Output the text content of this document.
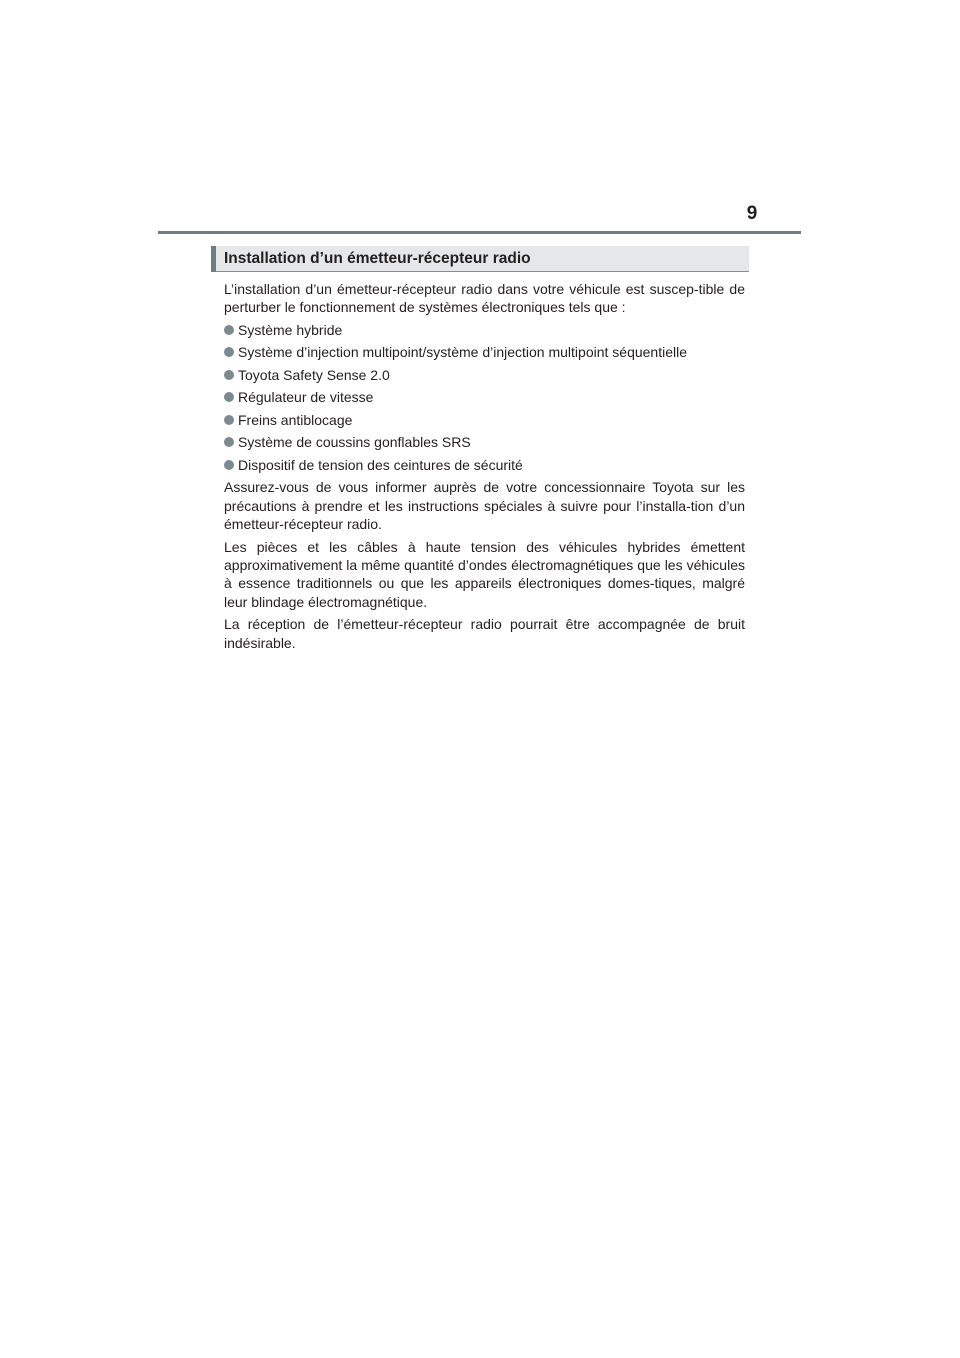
9
Installation d’un émetteur-récepteur radio

L’installation d’un émetteur-récepteur radio dans votre véhicule est suscep-tible de perturber le fonctionnement de systèmes électroniques tels que :

Système hybride
Système d’injection multipoint/système d’injection multipoint séquentielle
Toyota Safety Sense 2.0
Régulateur de vitesse
Freins antiblocage
Système de coussins gonflables SRS
Dispositif de tension des ceintures de sécurité

Assurez-vous de vous informer auprès de votre concessionnaire Toyota sur les précautions à prendre et les instructions spéciales à suivre pour l’installa-tion d’un émetteur-récepteur radio.

Les pièces et les câbles à haute tension des véhicules hybrides émettent approximativement la même quantité d’ondes électromagnétiques que les véhicules à essence traditionnels ou que les appareils électroniques domes-tiques, malgré leur blindage électromagnétique.

La réception de l’émetteur-récepteur radio pourrait être accompagnée de bruit indésirable.
